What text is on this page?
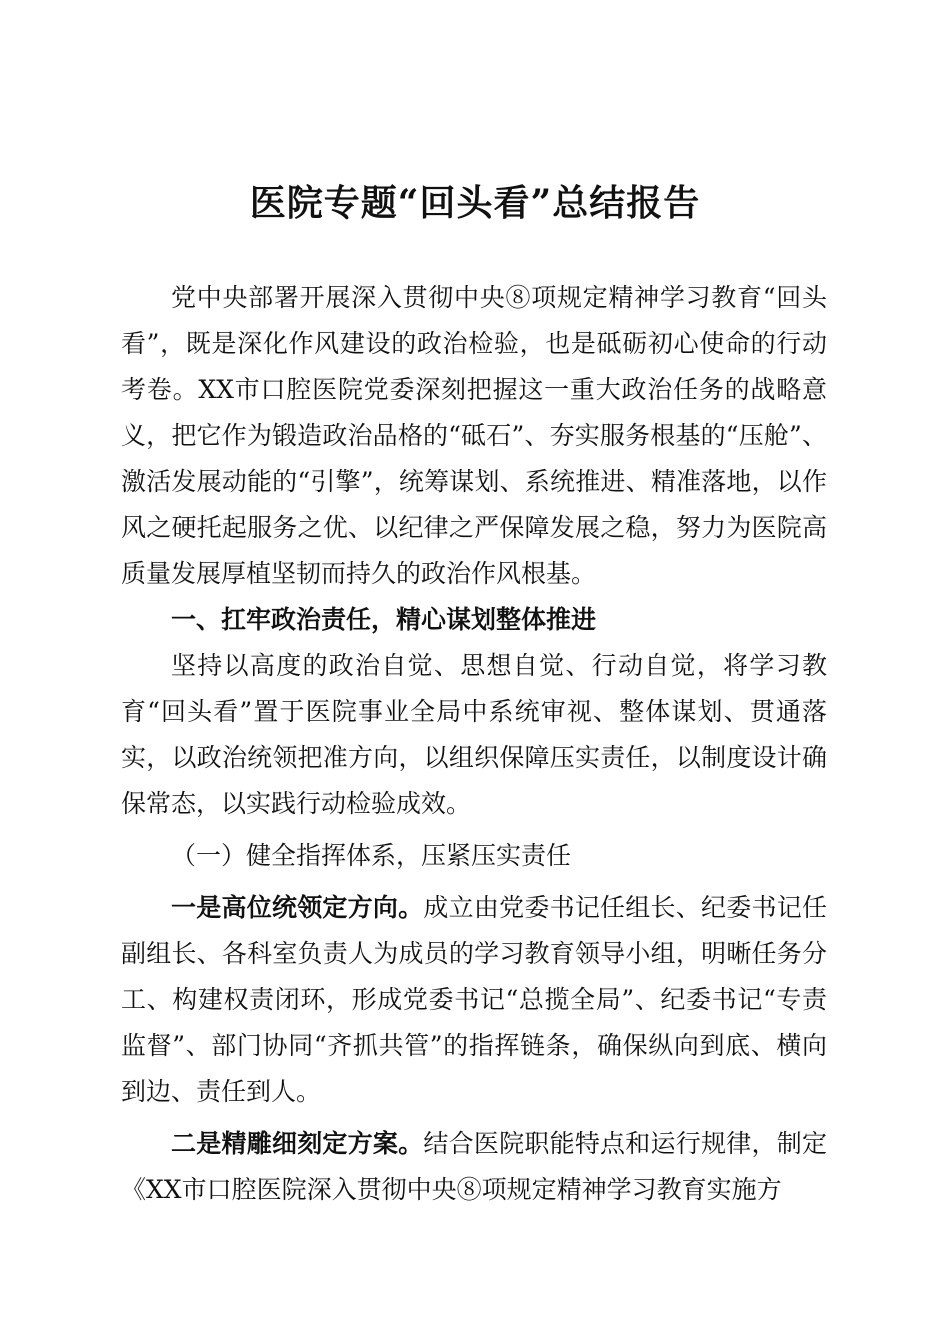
医院专题“回头看”总结报告

党中央部署开展深入贯彻中央⑧项规定精神学习教育“回头看”，既是深化作风建设的政治检验，也是砥砺初心使命的行动考卷。XX市口腔医院党委深刻把握这一重大政治任务的战略意义，把它作为锻造政治品格的“砥石”、夯实服务根基的“压舱”、激活发展动能的“引擎”，统筹谋划、系统推进、精准落地，以作风之硬托起服务之优、以纪律之严保障发展之稳，努力为医院高质量发展厚植坚韧而持久的政治作风根基。

一、扛牢政治责任，精心谋划整体推进

坚持以高度的政治自觉、思想自觉、行动自觉，将学习教育“回头看”置于医院事业全局中系统审视、整体谋划、贯通落实，以政治统领把准方向，以组织保障压实责任，以制度设计确保常态，以实践行动检验成效。

（一）健全指挥体系，压紧压实责任

一是高位统领定方向。成立由党委书记任组长、纪委书记任副组长、各科室负责人为成员的学习教育领导小组，明晰任务分工、构建权责闭环，形成党委书记“总揽全局”、纪委书记“专责监督”、部门协同“齐抓共管”的指挥链条，确保纵向到底、横向到边、责任到人。

二是精雕细刻定方案。结合医院职能特点和运行规律，制定《XX市口腔医院深入贯彻中央⑧项规定精神学习教育实施方
